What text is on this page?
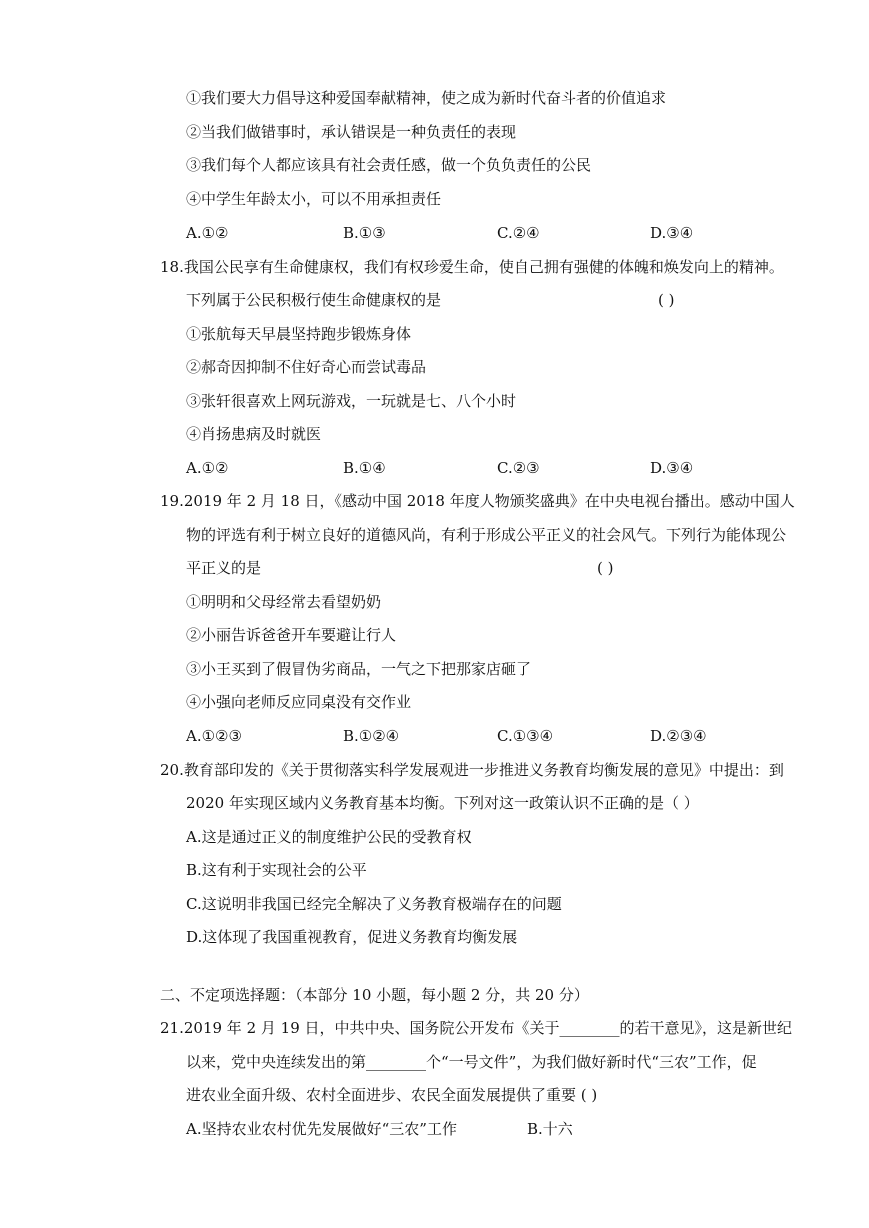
①我们要大力倡导这种爱国奉献精神，使之成为新时代奋斗者的价值追求
②当我们做错事时，承认错误是一种负责任的表现
③我们每个人都应该具有社会责任感，做一个负负责任的公民
④中学生年龄太小，可以不用承担责任
A.①②	B.①③	C.②④	D.③④
18.我国公民享有生命健康权，我们有权珍爱生命，使自己拥有强健的体魄和焕发向上的精神。
下列属于公民积极行使生命健康权的是	( )
①张航每天早晨坚持跑步锻炼身体
②郝奇因抑制不住好奇心而尝试毒品
③张轩很喜欢上网玩游戏，一玩就是七、八个小时
④肖扬患病及时就医
A.①②	B.①④	C.②③	D.③④
19.2019 年 2 月 18 日，《感动中国 2018 年度人物颁奖盛典》在中央电视台播出。感动中国人
物的评选有利于树立良好的道德风尚，有利于形成公平正义的社会风气。下列行为能体现公
平正义的是	( )
①明明和父母经常去看望奶奶
②小丽告诉爸爸开车要避让行人
③小王买到了假冒伪劣商品，一气之下把那家店砸了
④小强向老师反应同桌没有交作业
A.①②③	B.①②④	C.①③④	D.②③④
20.教育部印发的《关于贯彻落实科学发展观进一步推进义务教育均衡发展的意见》中提出：到
2020 年实现区域内义务教育基本均衡。下列对这一政策认识不正确的是（ ）
A.这是通过正义的制度维护公民的受教育权
B.这有利于实现社会的公平
C.这说明非我国已经完全解决了义务教育极端存在的问题
D.这体现了我国重视教育，促进义务教育均衡发展
二、不定项选择题：（本部分 10 小题，每小题 2 分，共 20 分）
21.2019 年 2 月 19 日，中共中央、国务院公开发布《关于________的若干意见》，这是新世纪
以来，党中央连续发出的第________个“一号文件”，为我们做好新时代“三农”工作，促
进农业全面升级、农村全面进步、农民全面发展提供了重要 ( )
A.坚持农业农村优先发展做好“三农”工作	B.十六
